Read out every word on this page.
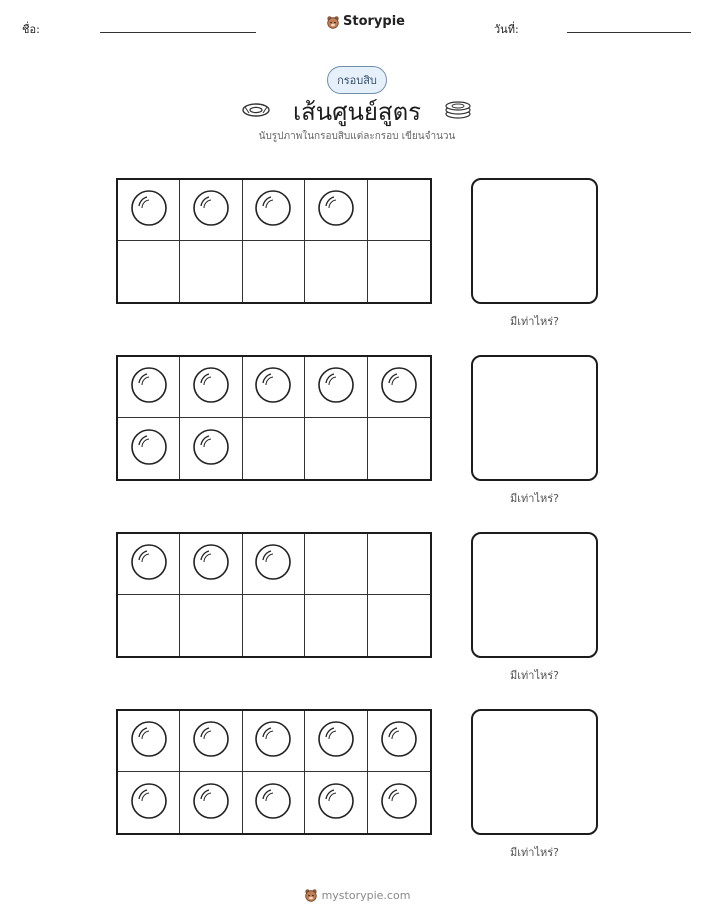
ชื่อ:
Storypie
วันที่:
กรอบสิบ
เส้นศูนย์สูตร
นับรูปภาพในกรอบสิบแต่ละกรอบ เขียนจำนวน
มีเท่าไหร่?
มีเท่าไหร่?
มีเท่าไหร่?
มีเท่าไหร่?
mystorypie.com
